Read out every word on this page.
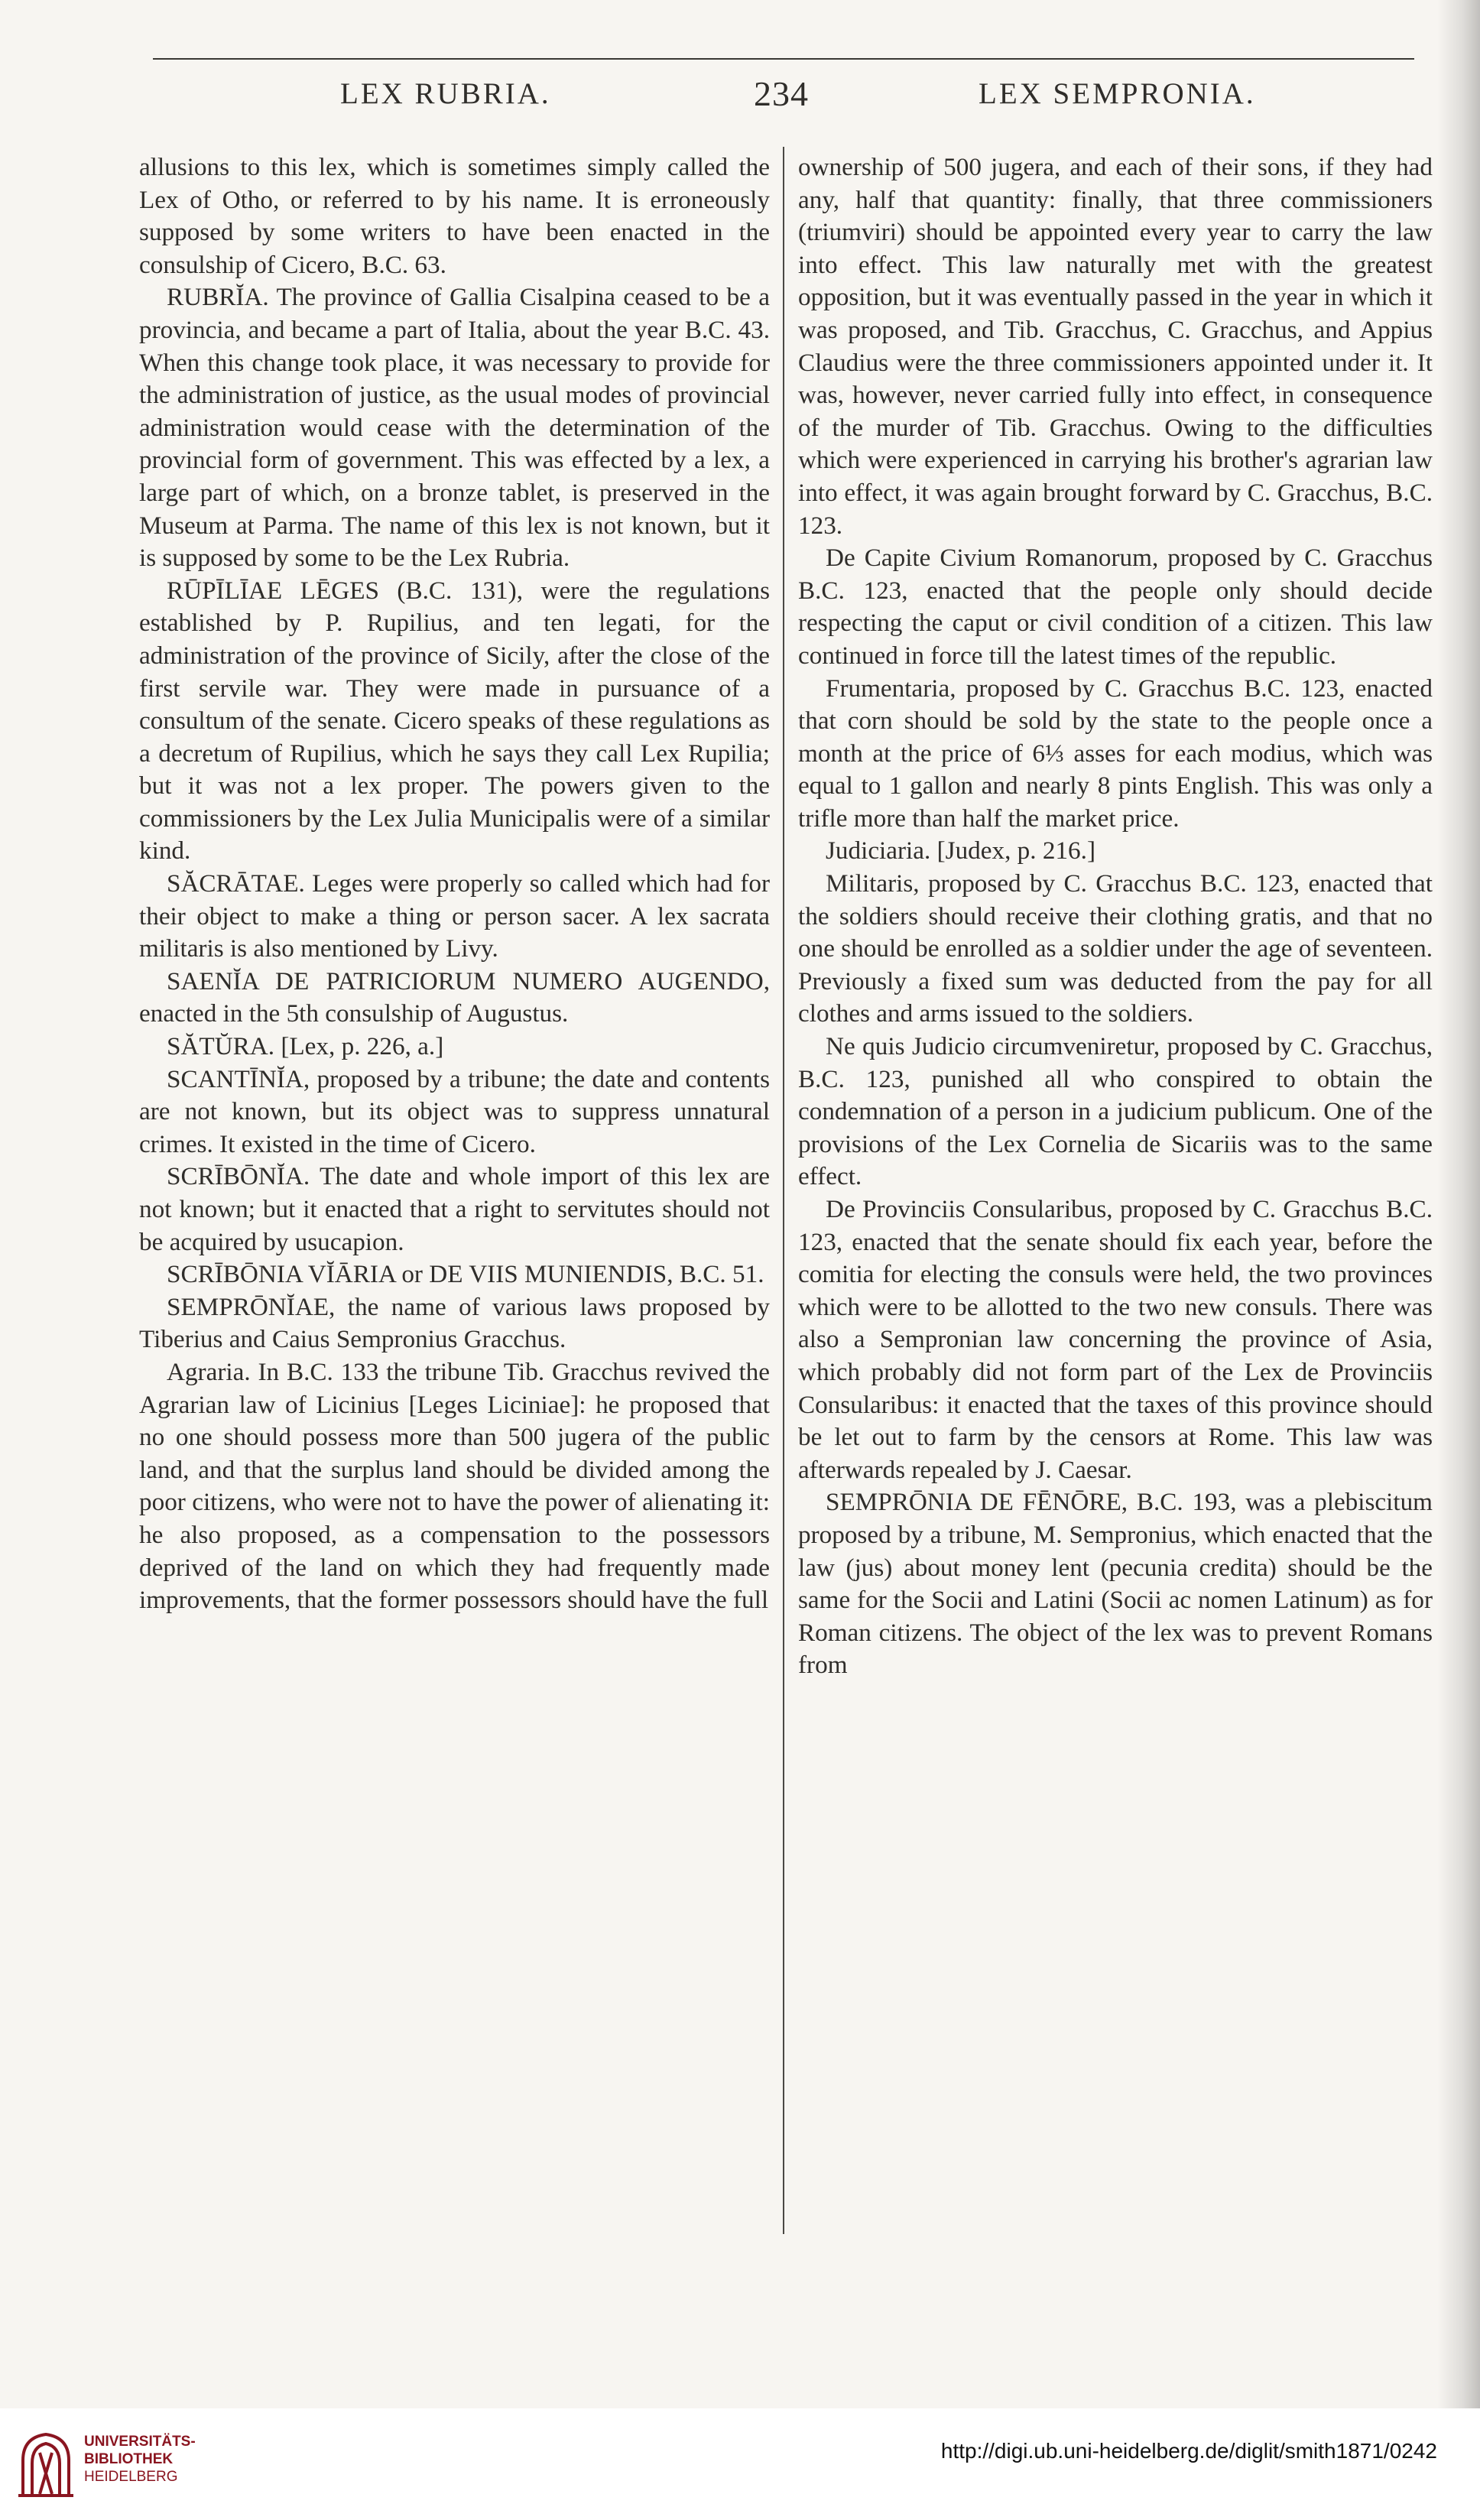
LEX RUBRIA.	234	LEX SEMPRONIA.

allusions to this lex, which is sometimes simply called the Lex of Otho, or referred to by his name. It is erroneously supposed by some writers to have been enacted in the consulship of Cicero, B.C. 63.

RUBRĬA. The province of Gallia Cisalpina ceased to be a provincia, and became a part of Italia, about the year B.C. 43. When this change took place, it was necessary to provide for the administration of justice, as the usual modes of provincial administration would cease with the determination of the provincial form of government. This was effected by a lex, a large part of which, on a bronze tablet, is preserved in the Museum at Parma. The name of this lex is not known, but it is supposed by some to be the Lex Rubria.

RŪPĪLĪAE LĒGES (B.C. 131), were the regulations established by P. Rupilius, and ten legati, for the administration of the province of Sicily, after the close of the first servile war. They were made in pursuance of a consultum of the senate. Cicero speaks of these regulations as a decretum of Rupilius, which he says they call Lex Rupilia; but it was not a lex proper. The powers given to the commissioners by the Lex Julia Municipalis were of a similar kind.

SĂCRĀTAE. Leges were properly so called which had for their object to make a thing or person sacer. A lex sacrata militaris is also mentioned by Livy.

SAENĬA DE PATRICIORUM NUMERO AUGENDO, enacted in the 5th consulship of Augustus.

SĂTŬRA. [Lex, p. 226, a.]

SCANTĪNĬA, proposed by a tribune; the date and contents are not known, but its object was to suppress unnatural crimes. It existed in the time of Cicero.

SCRĪBŌNĬA. The date and whole import of this lex are not known; but it enacted that a right to servitutes should not be acquired by usucapion.

SCRĪBŌNIA VĬĀRIA or DE VIIS MUNIENDIS, B.C. 51.

SEMPRŌNĬAE, the name of various laws proposed by Tiberius and Caius Sempronius Gracchus.

Agraria. In B.C. 133 the tribune Tib. Gracchus revived the Agrarian law of Licinius [Leges Liciniae]: he proposed that no one should possess more than 500 jugera of the public land, and that the surplus land should be divided among the poor citizens, who were not to have the power of alienating it: he also proposed, as a compensation to the possessors deprived of the land on which they had frequently made improvements, that the former possessors should have the full

ownership of 500 jugera, and each of their sons, if they had any, half that quantity: finally, that three commissioners (triumviri) should be appointed every year to carry the law into effect. This law naturally met with the greatest opposition, but it was eventually passed in the year in which it was proposed, and Tib. Gracchus, C. Gracchus, and Appius Claudius were the three commissioners appointed under it. It was, however, never carried fully into effect, in consequence of the murder of Tib. Gracchus. Owing to the difficulties which were experienced in carrying his brother's agrarian law into effect, it was again brought forward by C. Gracchus, B.C. 123.

De Capite Civium Romanorum, proposed by C. Gracchus B.C. 123, enacted that the people only should decide respecting the caput or civil condition of a citizen. This law continued in force till the latest times of the republic.

Frumentaria, proposed by C. Gracchus B.C. 123, enacted that corn should be sold by the state to the people once a month at the price of 6⅓ asses for each modius, which was equal to 1 gallon and nearly 8 pints English. This was only a trifle more than half the market price.

Judiciaria. [Judex, p. 216.]

Militaris, proposed by C. Gracchus B.C. 123, enacted that the soldiers should receive their clothing gratis, and that no one should be enrolled as a soldier under the age of seventeen. Previously a fixed sum was deducted from the pay for all clothes and arms issued to the soldiers.

Ne quis Judicio circumveniretur, proposed by C. Gracchus, B.C. 123, punished all who conspired to obtain the condemnation of a person in a judicium publicum. One of the provisions of the Lex Cornelia de Sicariis was to the same effect.

De Provinciis Consularibus, proposed by C. Gracchus B.C. 123, enacted that the senate should fix each year, before the comitia for electing the consuls were held, the two provinces which were to be allotted to the two new consuls. There was also a Sempronian law concerning the province of Asia, which probably did not form part of the Lex de Provinciis Consularibus: it enacted that the taxes of this province should be let out to farm by the censors at Rome. This law was afterwards repealed by J. Caesar.

SEMPRŌNIA DE FĒNŌRE, B.C. 193, was a plebiscitum proposed by a tribune, M. Sempronius, which enacted that the law (jus) about money lent (pecunia credita) should be the same for the Socii and Latini (Socii ac nomen Latinum) as for Roman citizens. The object of the lex was to prevent Romans from

UNIVERSITÄTS-
BIBLIOTHEK
HEIDELBERG
http://digi.ub.uni-heidelberg.de/diglit/smith1871/0242
